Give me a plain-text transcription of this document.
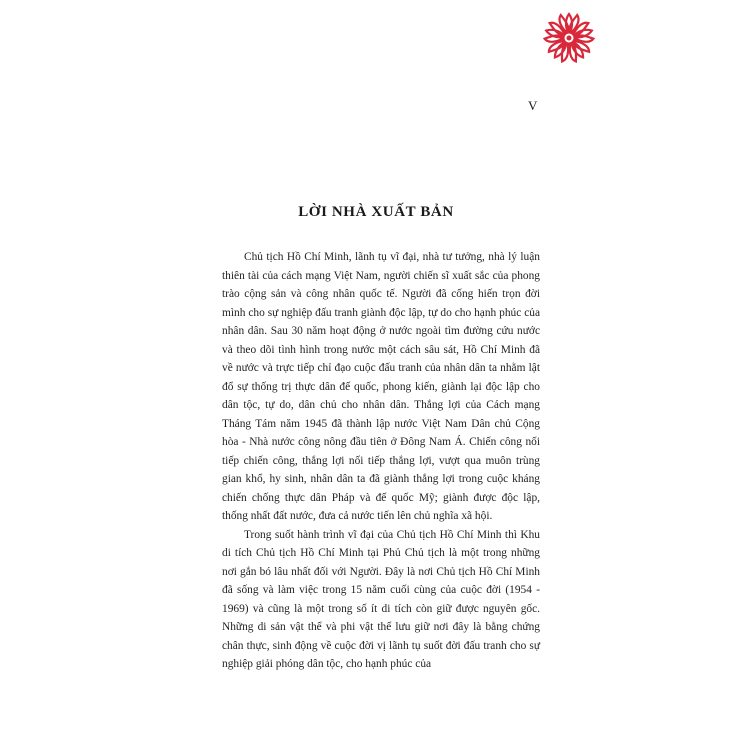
V
LỜI NHÀ XUẤT BẢN

Chủ tịch Hồ Chí Minh, lãnh tụ vĩ đại, nhà tư tưởng, nhà lý luận thiên tài của cách mạng Việt Nam, người chiến sĩ xuất sắc của phong trào cộng sản và công nhân quốc tế. Người đã cống hiến trọn đời mình cho sự nghiệp đấu tranh giành độc lập, tự do cho hạnh phúc của nhân dân. Sau 30 năm hoạt động ở nước ngoài tìm đường cứu nước và theo dõi tình hình trong nước một cách sâu sát, Hồ Chí Minh đã về nước và trực tiếp chỉ đạo cuộc đấu tranh của nhân dân ta nhằm lật đổ sự thống trị thực dân đế quốc, phong kiến, giành lại độc lập cho dân tộc, tự do, dân chủ cho nhân dân. Thắng lợi của Cách mạng Tháng Tám năm 1945 đã thành lập nước Việt Nam Dân chủ Cộng hòa - Nhà nước công nông đầu tiên ở Đông Nam Á. Chiến công nối tiếp chiến công, thắng lợi nối tiếp thắng lợi, vượt qua muôn trùng gian khổ, hy sinh, nhân dân ta đã giành thắng lợi trong cuộc kháng chiến chống thực dân Pháp và đế quốc Mỹ; giành được độc lập, thống nhất đất nước, đưa cả nước tiến lên chủ nghĩa xã hội.

Trong suốt hành trình vĩ đại của Chủ tịch Hồ Chí Minh thì Khu di tích Chủ tịch Hồ Chí Minh tại Phủ Chủ tịch là một trong những nơi gắn bó lâu nhất đối với Người. Đây là nơi Chủ tịch Hồ Chí Minh đã sống và làm việc trong 15 năm cuối cùng của cuộc đời (1954 - 1969) và cũng là một trong số ít di tích còn giữ được nguyên gốc. Những di sản vật thể và phi vật thể lưu giữ nơi đây là bằng chứng chân thực, sinh động về cuộc đời vị lãnh tụ suốt đời đấu tranh cho sự nghiệp giải phóng dân tộc, cho hạnh phúc của
